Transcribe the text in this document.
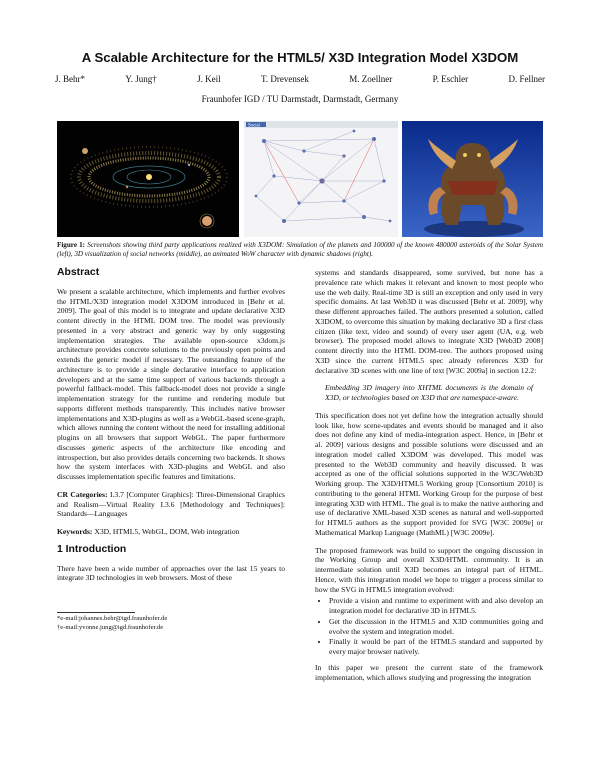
A Scalable Architecture for the HTML5/ X3D Integration Model X3DOM
J. Behr*	Y. Jung†	J. Keil	T. Drevensek	M. Zoellner	P. Eschler	D. Fellner
Fraunhofer IGD / TU Darmstadt, Darmstadt, Germany
Social
Figure 1: Screenshots showing third party applications realized with X3DOM: Simulation of the planets and 100000 of the known 480000 asteroids of the Solar System (left), 3D visualization of social networks (middle), an animated WoW character with dynamic shadows (right).
Abstract

We present a scalable architecture, which implements and further evolves the HTML/X3D integration model X3DOM introduced in [Behr et al. 2009]. The goal of this model is to integrate and update declarative X3D content directly in the HTML DOM tree. The model was previously presented in a very abstract and generic way by only suggesting implementation strategies. The available open-source x3dom.js architecture provides concrete solutions to the previously open points and extends the generic model if necessary. The outstanding feature of the architecture is to provide a single declarative interface to application developers and at the same time support of various backends through a powerful fallback-model. This fallback-model does not provide a single implementation strategy for the runtime and rendering module but supports different methods transparently. This includes native browser implementations and X3D-plugins as well as a WebGL-based scene-graph, which allows running the content without the need for installing additional plugins on all browsers that support WebGL. The paper furthermore discusses generic aspects of the architecture like encoding and introspection, but also provides details concerning two backends. It shows how the system interfaces with X3D-plugins and WebGL and also discusses implementation specific features and limitations.

CR Categories: I.3.7 [Computer Graphics]: Three-Dimensional Graphics and Realism—Virtual Reality I.3.6 [Methodology and Techniques]: Standards—Languages

Keywords: X3D, HTML5, WebGL, DOM, Web integration

1 Introduction

There have been a wide number of approaches over the last 15 years to integrate 3D technologies in web browsers. Most of these

*e-mail:johannes.behr@igd.fraunhofer.de
†e-mail:yvonne.jung@igd.fraunhofer.de

systems and standards disappeared, some survived, but none has a prevalence rate which makes it relevant and known to most people who use the web daily. Real-time 3D is still an exception and only used in very specific domains. At last Web3D it was discussed [Behr et al. 2009], why these different approaches failed. The authors presented a solution, called X3DOM, to overcome this situation by making declarative 3D a first class citizen (like text, video and sound) of every user agent (UA, e.g. web browser). The proposed model allows to integrate X3D [Web3D 2008] content directly into the HTML DOM-tree. The authors proposed using X3D since the current HTML5 spec already references X3D for declarative 3D scenes with one line of text [W3C 2009a] in section 12.2:

Embedding 3D imagery into XHTML documents is the domain of X3D, or technologies based on X3D that are namespace-aware.

This specification does not yet define how the integration actually should look like, how scene-updates and events should be managed and it also does not define any kind of media-integration aspect. Hence, in [Behr et al. 2009] various designs and possible solutions were discussed and an integration model called X3DOM was developed. This model was presented to the Web3D community and heavily discussed. It was accepted as one of the official solutions supported in the W3C/Web3D Working group. The X3D/HTML5 Working group [Consortium 2010] is contributing to the general HTML Working Group for the purpose of best integrating X3D with HTML. The goal is to make the native authoring and use of declarative XML-based X3D scenes as natural and well-supported for HTML5 authors as the support provided for SVG [W3C 2009e] or Mathematical Markup Language (MathML) [W3C 2009e].

The proposed framework was build to support the ongoing discussion in the Working Group and overall X3D/HTML community. It is an intermediate solution until X3D becomes an integral part of HTML. Hence, with this integration model we hope to trigger a process similar to how the SVG in HTML5 integration evolved:

• Provide a vision and runtime to experiment with and also develop an integration model for declarative 3D in HTML5.
• Get the discussion in the HTML5 and X3D communities going and evolve the system and integration model.
• Finally it would be part of the HTML5 standard and supported by every major browser natively.

In this paper we present the current state of the framework implementation, which allows studying and progressing the integration
